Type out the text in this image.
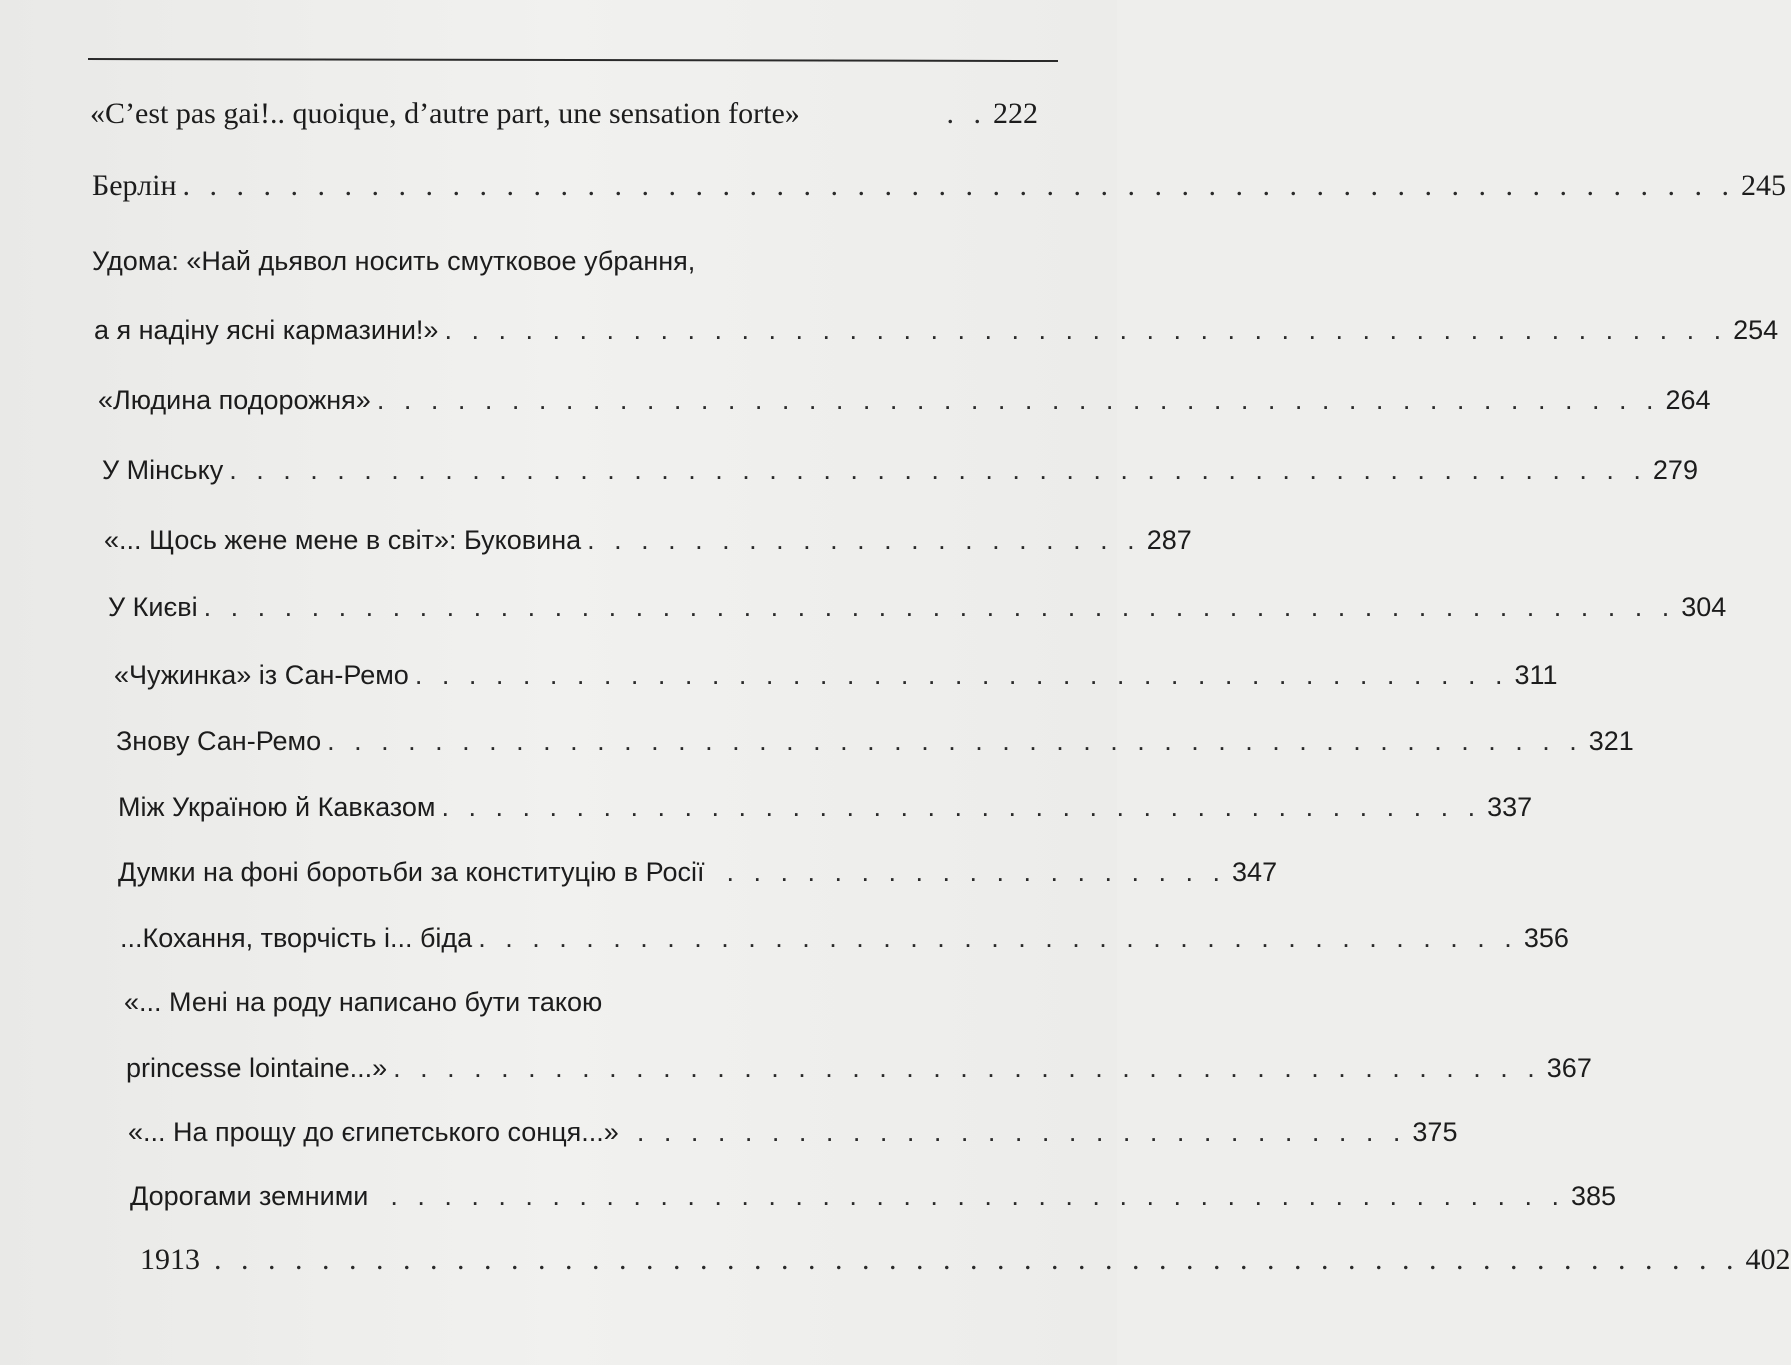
«C’est pas gai!.. quoique, d’autre part, une sensation forte»	. . 222
Берлін . . . . . . . . . . . . . . . . . . . . . . . . . . . . . . . . . . . . . . . . . . . . . . . . . . . . . . . . . . 245
Удома: «Най дьявол носить смутковое убрання,
а я надіну ясні кармазини!» . . . . . . . . . . . . . . . . . . . . . . . . . . . . . . . . . . . . . . . . . . . . . . . . 254
«Людина подорожня» . . . . . . . . . . . . . . . . . . . . . . . . . . . . . . . . . . . . . . . . . . . . . . . . 264
У Мінську . . . . . . . . . . . . . . . . . . . . . . . . . . . . . . . . . . . . . . . . . . . . . . . . . . . . . 279
«... Щось жене мене в світ»: Буковина . . . . . . . . . . . . . . . . . . . . . 287
У Києві . . . . . . . . . . . . . . . . . . . . . . . . . . . . . . . . . . . . . . . . . . . . . . . . . . . . . . . 304
«Чужинка» із Сан-Ремо . . . . . . . . . . . . . . . . . . . . . . . . . . . . . . . . . . . . . . . . . 311
Знову Сан-Ремо . . . . . . . . . . . . . . . . . . . . . . . . . . . . . . . . . . . . . . . . . . . . . . . 321
Між Україною й Кавказом . . . . . . . . . . . . . . . . . . . . . . . . . . . . . . . . . . . . . . . 337
Думки на фоні боротьби за конституцію в Росії . . . . . . . . . . . . . . . . . . . 347
...Кохання, творчість і... біда . . . . . . . . . . . . . . . . . . . . . . . . . . . . . . . . . . . . . . . 356
«... Мені на роду написано бути такою
princesse lointaine...» . . . . . . . . . . . . . . . . . . . . . . . . . . . . . . . . . . . . . . . . . . . 367
«... На прощу до єгипетського сонця...» . . . . . . . . . . . . . . . . . . . . . . . . . . . . . 375
Дорогами земними . . . . . . . . . . . . . . . . . . . . . . . . . . . . . . . . . . . . . . . . . . . . 385
1913 . . . . . . . . . . . . . . . . . . . . . . . . . . . . . . . . . . . . . . . . . . . . . . . . . . . . . . . . . 402
